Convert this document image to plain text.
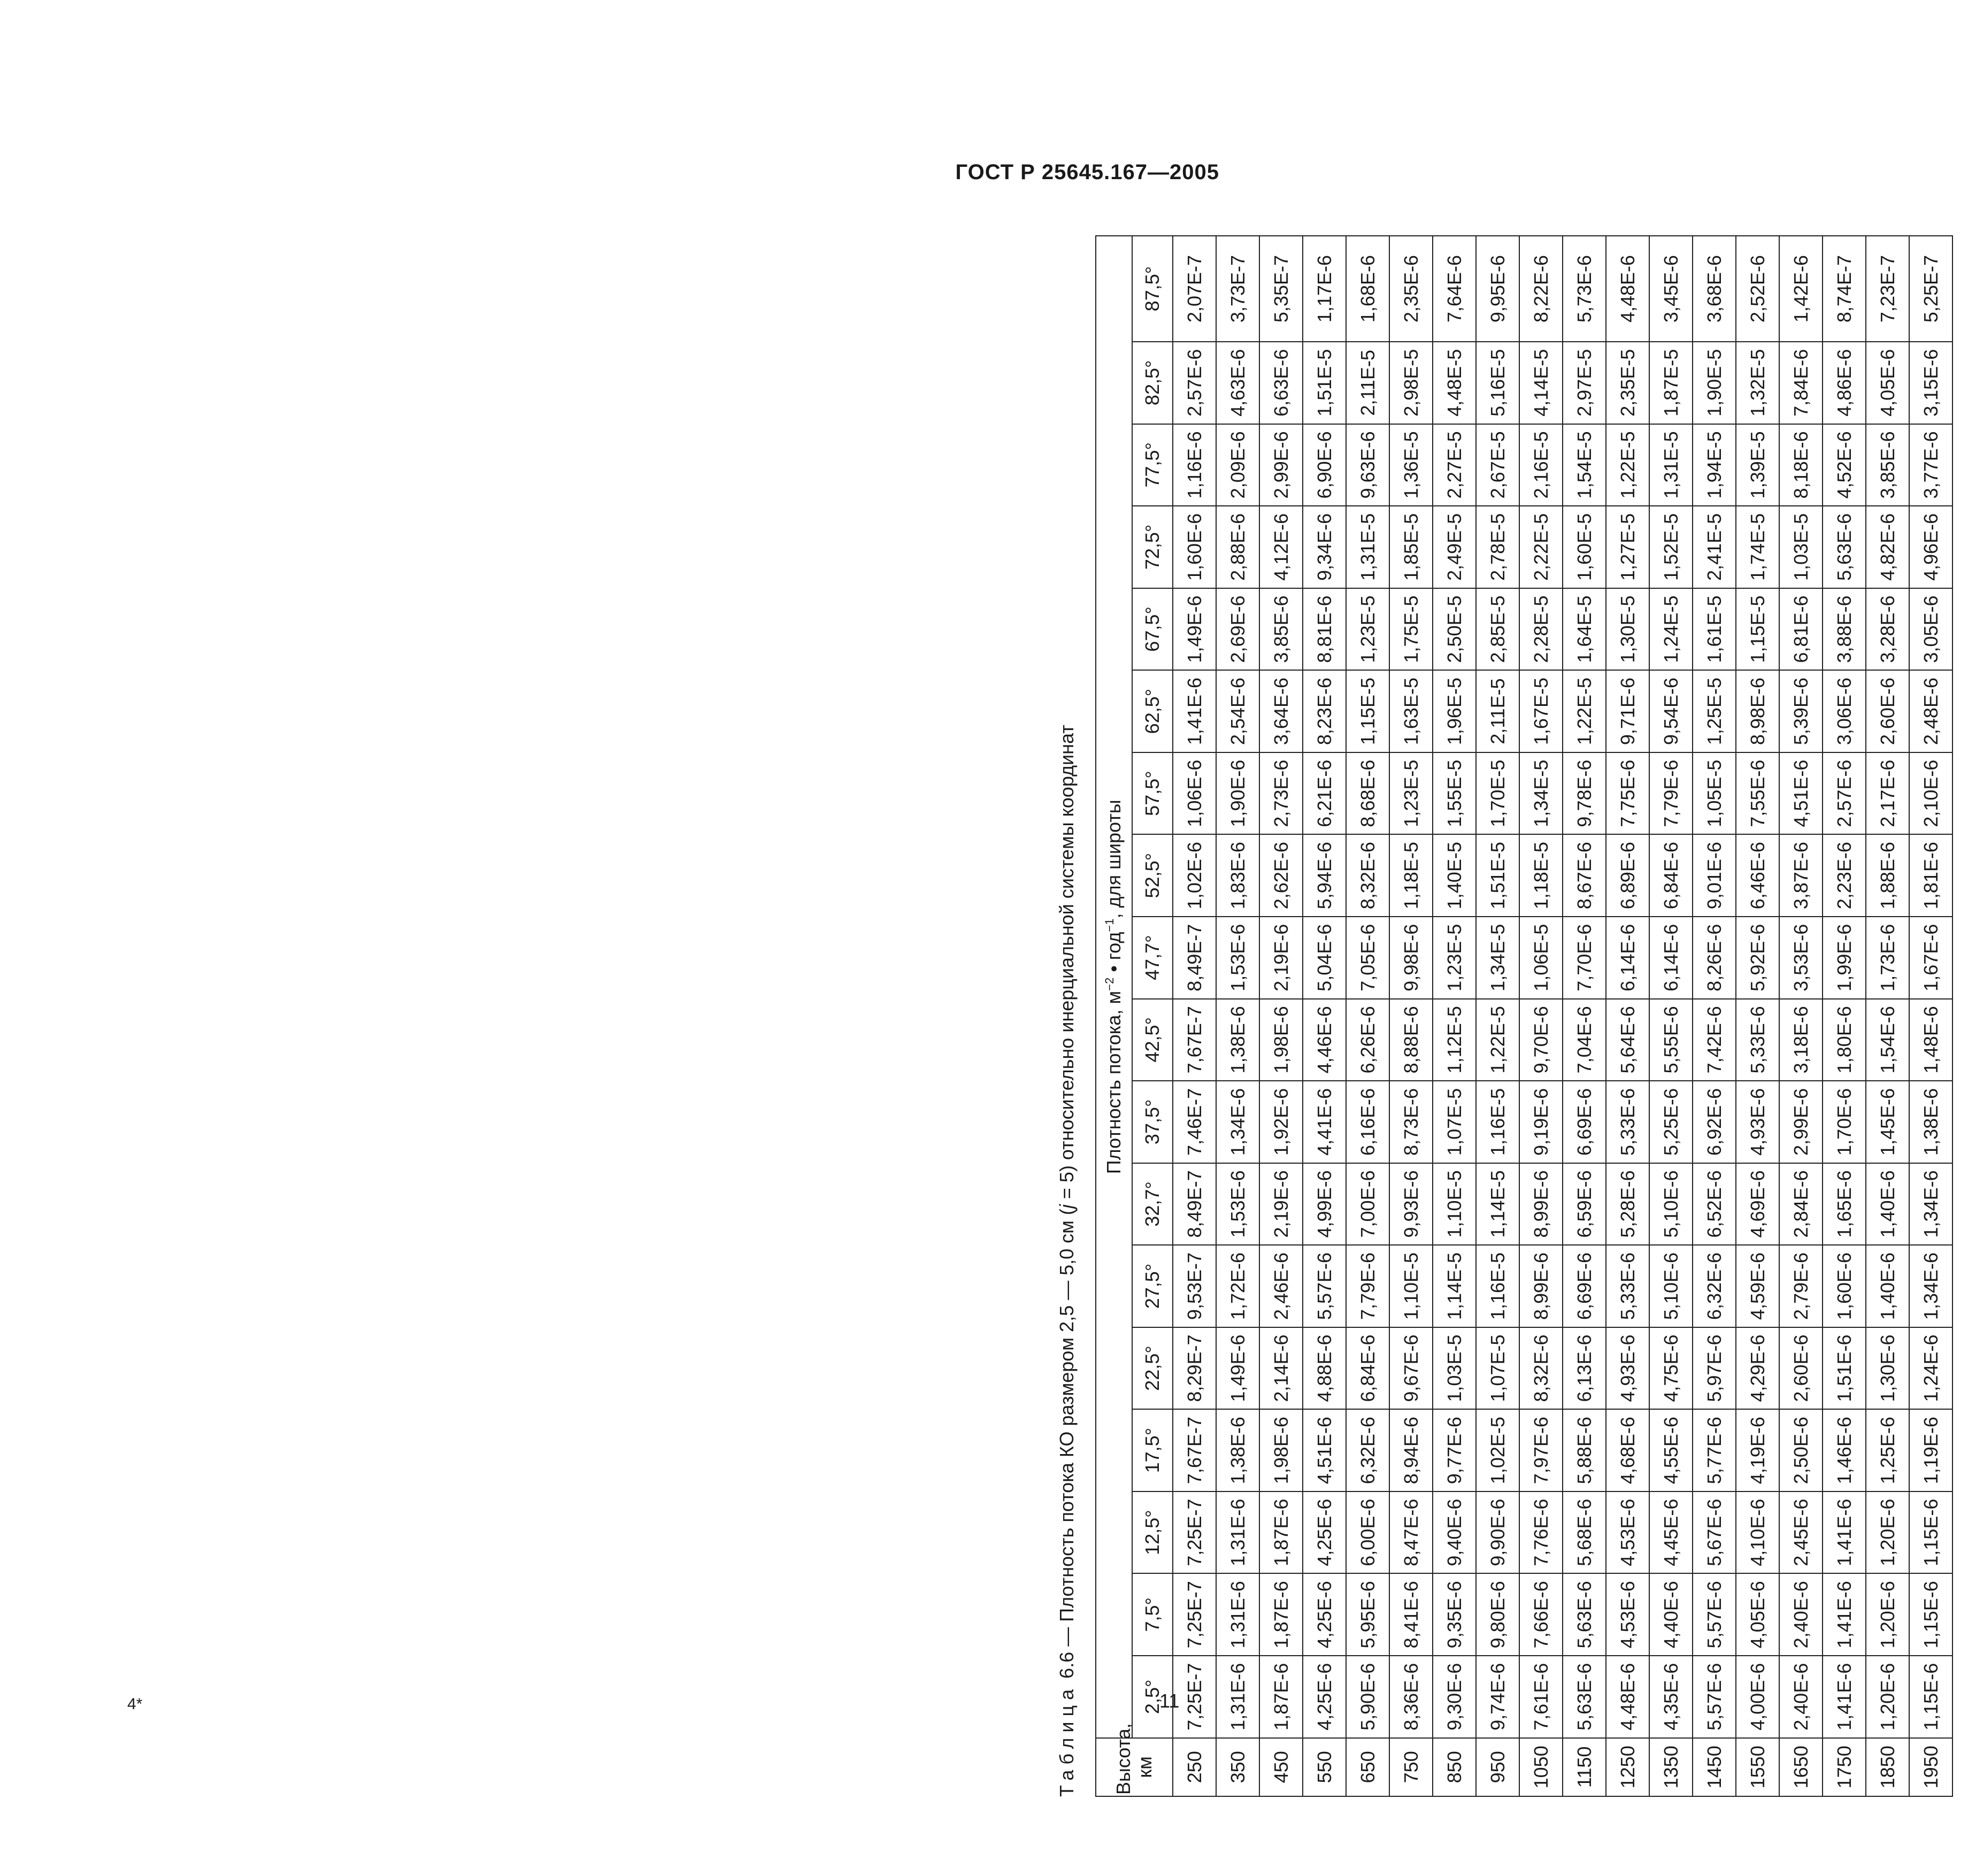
ГОСТ Р 25645.167—2005
4*	11
Таблица 6.6 — Плотность потока КО размером 2,5 — 5,0 см (j = 5) относительно инерциальной системы координат
Высота,
км	Плотность потока, $м^{-2}$ • год$^{-1}$, для широты																	
	2,5°	7,5°	12,5°	17,5°	22,5°	27,5°	32,7°	37,5°	42,5°	47,7°	52,5°	57,5°	62,5°	67,5°	72,5°	77,5°	82,5°	87,5°
250	7,25E-7	7,25E-7	7,25E-7	7,67E-7	8,29E-7	9,53E-7	8,49E-7	7,46E-7	7,67E-7	8,49E-7	1,02E-6	1,06E-6	1,41E-6	1,49E-6	1,60E-6	1,16E-6	2,57E-6	2,07E-7
350	1,31E-6	1,31E-6	1,31E-6	1,38E-6	1,49E-6	1,72E-6	1,53E-6	1,34E-6	1,38E-6	1,53E-6	1,83E-6	1,90E-6	2,54E-6	2,69E-6	2,88E-6	2,09E-6	4,63E-6	3,73E-7
450	1,87E-6	1,87E-6	1,87E-6	1,98E-6	2,14E-6	2,46E-6	2,19E-6	1,92E-6	1,98E-6	2,19E-6	2,62E-6	2,73E-6	3,64E-6	3,85E-6	4,12E-6	2,99E-6	6,63E-6	5,35E-7
550	4,25E-6	4,25E-6	4,25E-6	4,51E-6	4,88E-6	5,57E-6	4,99E-6	4,41E-6	4,46E-6	5,04E-6	5,94E-6	6,21E-6	8,23E-6	8,81E-6	9,34E-6	6,90E-6	1,51E-5	1,17E-6
650	5,90E-6	5,95E-6	6,00E-6	6,32E-6	6,84E-6	7,79E-6	7,00E-6	6,16E-6	6,26E-6	7,05E-6	8,32E-6	8,68E-6	1,15E-5	1,23E-5	1,31E-5	9,63E-6	2,11E-5	1,68E-6
750	8,36E-6	8,41E-6	8,47E-6	8,94E-6	9,67E-6	1,10E-5	9,93E-6	8,73E-6	8,88E-6	9,98E-6	1,18E-5	1,23E-5	1,63E-5	1,75E-5	1,85E-5	1,36E-5	2,98E-5	2,35E-6
850	9,30E-6	9,35E-6	9,40E-6	9,77E-6	1,03E-5	1,14E-5	1,10E-5	1,07E-5	1,12E-5	1,23E-5	1,40E-5	1,55E-5	1,96E-5	2,50E-5	2,49E-5	2,27E-5	4,48E-5	7,64E-6
950	9,74E-6	9,80E-6	9,90E-6	1,02E-5	1,07E-5	1,16E-5	1,14E-5	1,16E-5	1,22E-5	1,34E-5	1,51E-5	1,70E-5	2,11E-5	2,85E-5	2,78E-5	2,67E-5	5,16E-5	9,95E-6
1050	7,61E-6	7,66E-6	7,76E-6	7,97E-6	8,32E-6	8,99E-6	8,99E-6	9,19E-6	9,70E-6	1,06E-5	1,18E-5	1,34E-5	1,67E-5	2,28E-5	2,22E-5	2,16E-5	4,14E-5	8,22E-6
1150	5,63E-6	5,63E-6	5,68E-6	5,88E-6	6,13E-6	6,69E-6	6,59E-6	6,69E-6	7,04E-6	7,70E-6	8,67E-6	9,78E-6	1,22E-5	1,64E-5	1,60E-5	1,54E-5	2,97E-5	5,73E-6
1250	4,48E-6	4,53E-6	4,53E-6	4,68E-6	4,93E-6	5,33E-6	5,28E-6	5,33E-6	5,64E-6	6,14E-6	6,89E-6	7,75E-6	9,71E-6	1,30E-5	1,27E-5	1,22E-5	2,35E-5	4,48E-6
1350	4,35E-6	4,40E-6	4,45E-6	4,55E-6	4,75E-6	5,10E-6	5,10E-6	5,25E-6	5,55E-6	6,14E-6	6,84E-6	7,79E-6	9,54E-6	1,24E-5	1,52E-5	1,31E-5	1,87E-5	3,45E-6
1450	5,57E-6	5,57E-6	5,67E-6	5,77E-6	5,97E-6	6,32E-6	6,52E-6	6,92E-6	7,42E-6	8,26E-6	9,01E-6	1,05E-5	1,25E-5	1,61E-5	2,41E-5	1,94E-5	1,90E-5	3,68E-6
1550	4,00E-6	4,05E-6	4,10E-6	4,19E-6	4,29E-6	4,59E-6	4,69E-6	4,93E-6	5,33E-6	5,92E-6	6,46E-6	7,55E-6	8,98E-6	1,15E-5	1,74E-5	1,39E-5	1,32E-5	2,52E-6
1650	2,40E-6	2,40E-6	2,45E-6	2,50E-6	2,60E-6	2,79E-6	2,84E-6	2,99E-6	3,18E-6	3,53E-6	3,87E-6	4,51E-6	5,39E-6	6,81E-6	1,03E-5	8,18E-6	7,84E-6	1,42E-6
1750	1,41E-6	1,41E-6	1,41E-6	1,46E-6	1,51E-6	1,60E-6	1,65E-6	1,70E-6	1,80E-6	1,99E-6	2,23E-6	2,57E-6	3,06E-6	3,88E-6	5,63E-6	4,52E-6	4,86E-6	8,74E-7
1850	1,20E-6	1,20E-6	1,20E-6	1,25E-6	1,30E-6	1,40E-6	1,40E-6	1,45E-6	1,54E-6	1,73E-6	1,88E-6	2,17E-6	2,60E-6	3,28E-6	4,82E-6	3,85E-6	4,05E-6	7,23E-7
1950	1,15E-6	1,15E-6	1,15E-6	1,19E-6	1,24E-6	1,34E-6	1,34E-6	1,38E-6	1,48E-6	1,67E-6	1,81E-6	2,10E-6	2,48E-6	3,05E-6	4,96E-6	3,77E-6	3,15E-6	5,25E-7
